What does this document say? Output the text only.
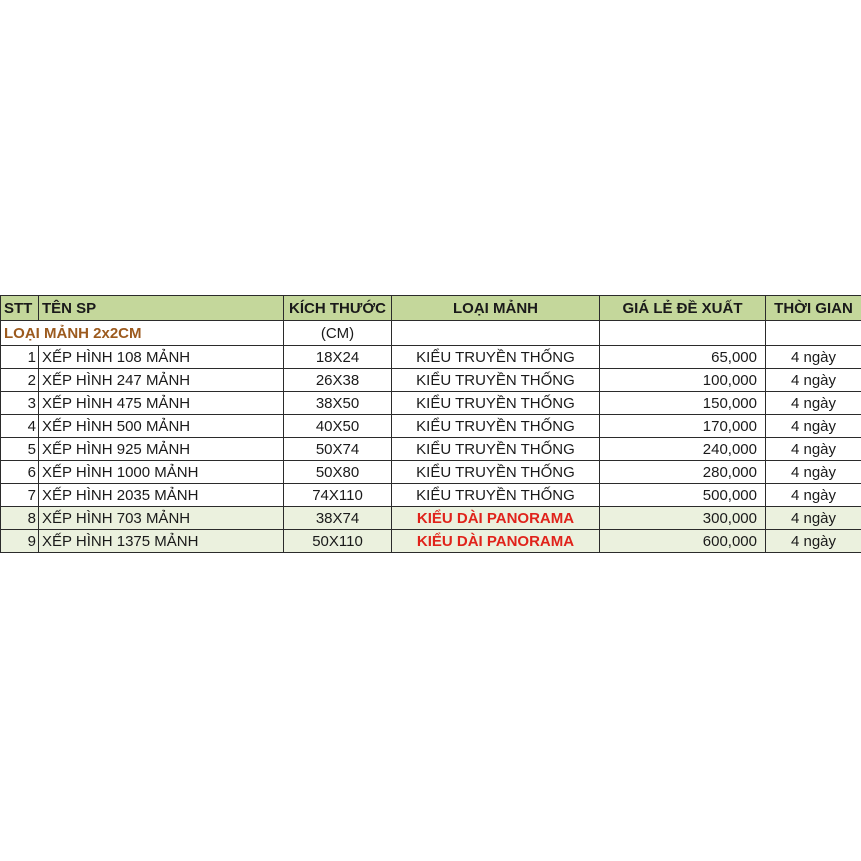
STT	TÊN SP	KÍCH THƯỚC	LOẠI MẢNH	GIÁ LẺ ĐỀ XUẤT	THỜI GIAN
LOẠI MẢNH 2x2CM		(CM)			
1	XẾP HÌNH 108 MẢNH	18X24	KIỂU TRUYỀN THỐNG	65,000	4 ngày
2	XẾP HÌNH 247 MẢNH	26X38	KIỂU TRUYỀN THỐNG	100,000	4 ngày
3	XẾP HÌNH 475 MẢNH	38X50	KIỂU TRUYỀN THỐNG	150,000	4 ngày
4	XẾP HÌNH 500 MẢNH	40X50	KIỂU TRUYỀN THỐNG	170,000	4 ngày
5	XẾP HÌNH 925 MẢNH	50X74	KIỂU TRUYỀN THỐNG	240,000	4 ngày
6	XẾP HÌNH 1000 MẢNH	50X80	KIỂU TRUYỀN THỐNG	280,000	4 ngày
7	XẾP HÌNH 2035 MẢNH	74X110	KIỂU TRUYỀN THỐNG	500,000	4 ngày
8	XẾP HÌNH 703 MẢNH	38X74	KIỂU DÀI PANORAMA	300,000	4 ngày
9	XẾP HÌNH 1375 MẢNH	50X110	KIỂU DÀI PANORAMA	600,000	4 ngày
